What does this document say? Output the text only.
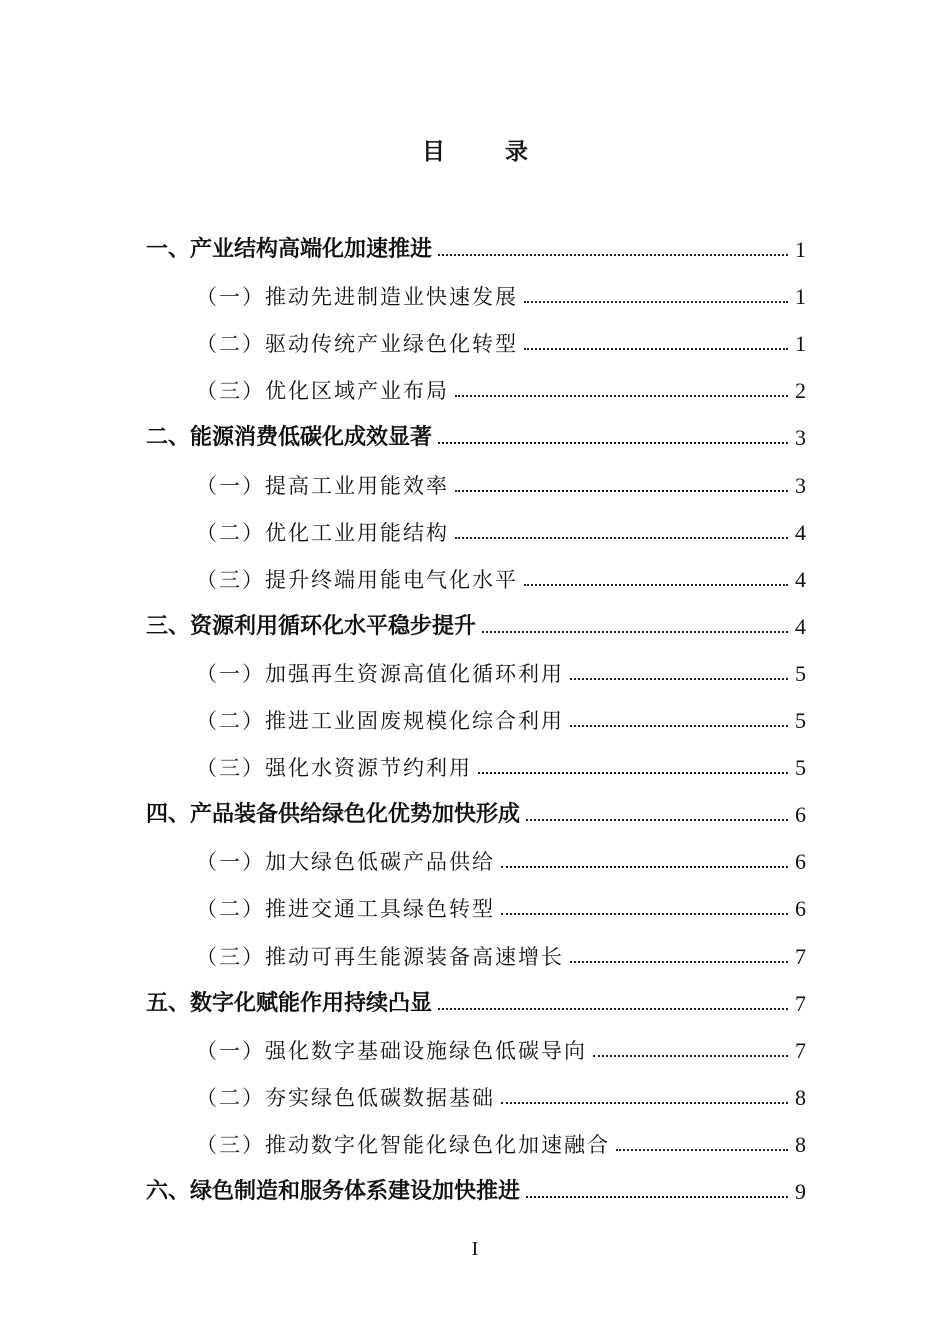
目 录
一、产业结构高端化加速推进	1
（一）推动先进制造业快速发展	1
（二）驱动传统产业绿色化转型	1
（三）优化区域产业布局	2
二、能源消费低碳化成效显著	3
（一）提高工业用能效率	3
（二）优化工业用能结构	4
（三）提升终端用能电气化水平	4
三、资源利用循环化水平稳步提升	4
（一）加强再生资源高值化循环利用	5
（二）推进工业固废规模化综合利用	5
（三）强化水资源节约利用	5
四、产品装备供给绿色化优势加快形成	6
（一）加大绿色低碳产品供给	6
（二）推进交通工具绿色转型	6
（三）推动可再生能源装备高速增长	7
五、数字化赋能作用持续凸显	7
（一）强化数字基础设施绿色低碳导向	7
（二）夯实绿色低碳数据基础	8
（三）推动数字化智能化绿色化加速融合	8
六、绿色制造和服务体系建设加快推进	9
I
